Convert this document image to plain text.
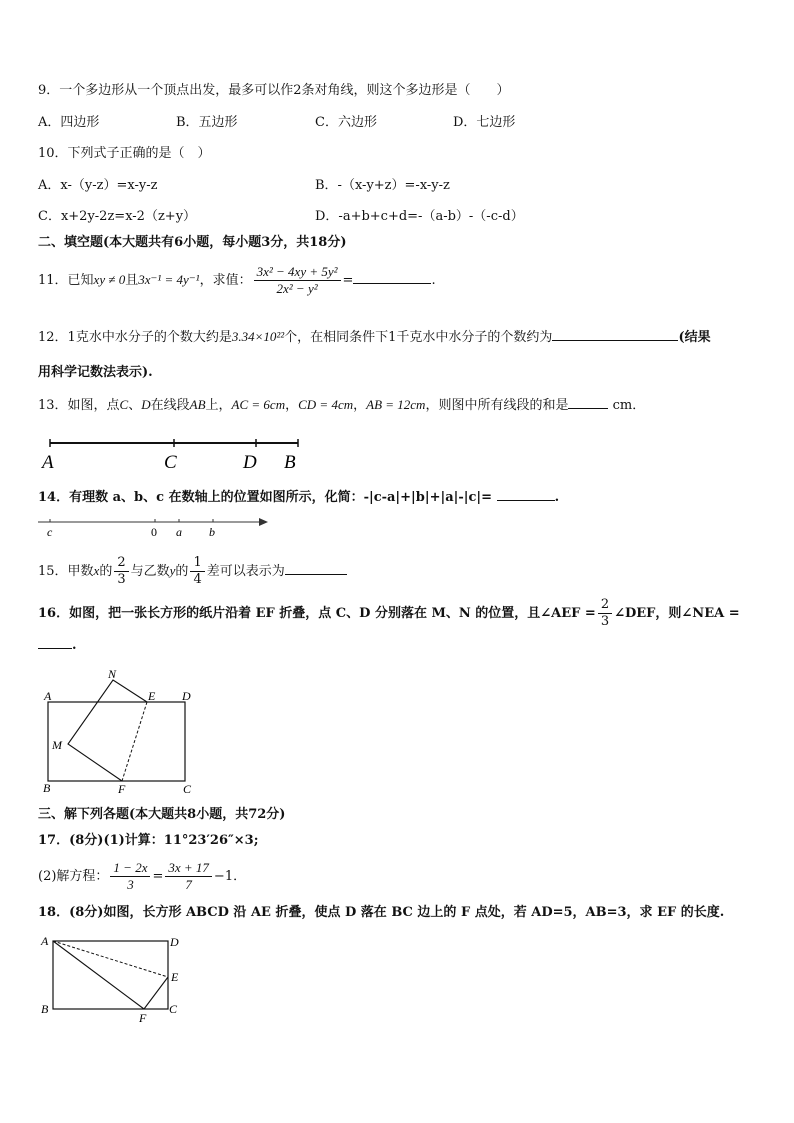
9．一个多边形从一个顶点出发，最多可以作2条对角线，则这个多边形是（　　）
A．四边形	B．五边形	C．六边形	D．七边形
10．下列式子正确的是（　）
A．x-（y-z）=x-y-z	B．-（x-y+z）=-x-y-z
C．x+2y-2z=x-2（z+y）	D．-a+b+c+d=-（a-b）-（-c-d）
二、填空题(本大题共有6小题，每小题3分，共18分)
11．已知xy ≠ 0且3x⁻¹ = 4y⁻¹，求值： $\frac{\text{3x² − 4xy + 5y²}}{\text{2x² − y²}}$ =	.
12．1克水中水分子的个数大约是3.34×10²²个，在相同条件下1千克水中水分子的个数约为	(结果
用科学记数法表示).
13．如图，点C、D在线段AB上，AC = 6cm，CD = 4cm，AB = 12cm，则图中所有线段的和是	cm．
A	C	D B
14．有理数 a、b、c 在数轴上的位置如图所示，化简：-|c-a|+|b|+|a|-|c|=	.
c	0 a b
15．甲数x的 $\frac{2}{3}$ 与乙数y的 $\frac{1}{4}$ 差可以表示为
16．如图，把一张长方形的纸片沿着 EF 折叠，点 C、D 分别落在 M、N 的位置，且∠AEF = $\frac{2}{3}$ ∠DEF，则∠NEA =
.
N
A	E D
M
B	F	C
三、解下列各题(本大题共8小题，共72分)
17．(8分)(1)计算：11°23′26″×3;
(2)解方程： $\frac{1 - 2x}{3} = \frac{3x + 17}{7} -1$．
18．(8分)如图，长方形 ABCD 沿 AE 折叠，使点 D 落在 BC 边上的 F 点处，若 AD=5，AB=3，求 EF 的长度.
A	D
E
B
F
C
